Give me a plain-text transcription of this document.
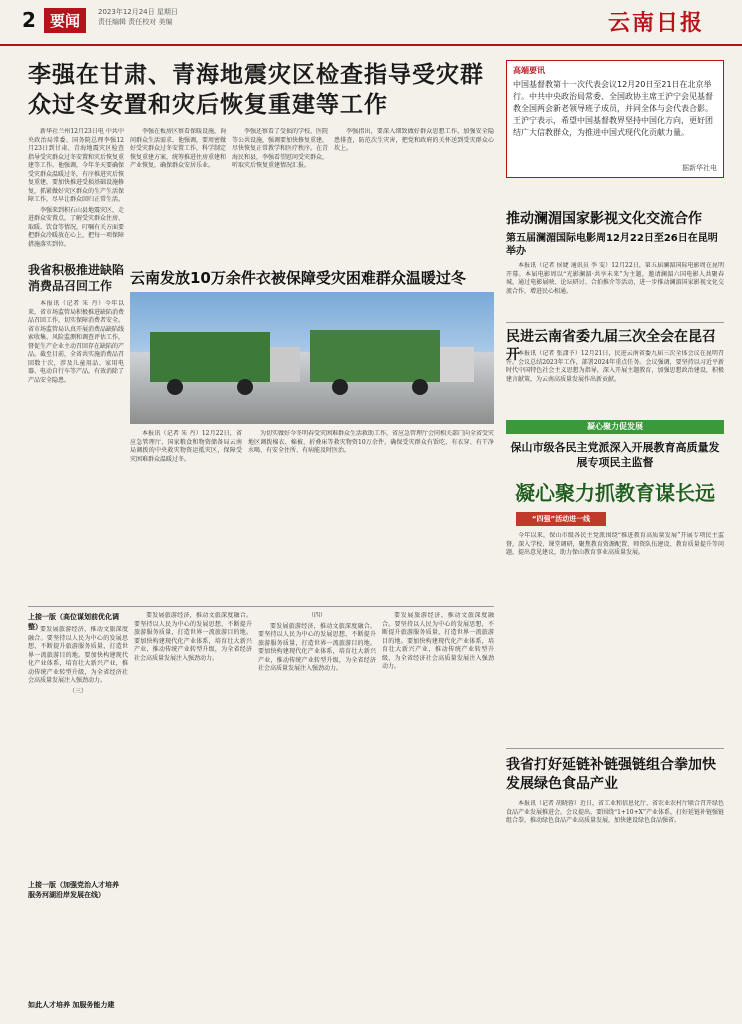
2 要闻	2023年12月24日 星期日
责任编辑 责任校对 美编	云南日报
李强在甘肃、青海地震灾区检查指导受灾群众过冬安置和灾后恢复重建等工作

新华社兰州12月23日电 中共中央政治局常委、国务院总理李强12月23日到甘肃、青海地震灾区检查指导受灾群众过冬安置和灾后恢复重建等工作。他强调，今年冬天要确保受灾群众温暖过冬，有序推进灾后恢复重建，要加快推进受损基础设施修复，抓紧做好灾区群众的生产生活保障工作，尽早让群众回归正常生活。

李强来到积石山县地震灾区，走进群众安置点，了解受灾群众住房、取暖、饮食等情况，叮嘱有关方面要把群众冷暖放在心上，把每一项保障措施落实到位。

李强在板房区察看保暖设施，询问群众生活需求。他强调，要周密做好受灾群众过冬安置工作，科学制定恢复重建方案，统筹推进住房重建和产业恢复，确保群众安居乐业。

李强还察看了受损的学校、医院等公共设施，强调要加快修复重建，尽快恢复正常教学和医疗秩序。在青海民和县，李强看望慰问受灾群众，听取灾后恢复重建情况汇报。

李强指出，要深入细致做好群众思想工作，加强安全隐患排查，防范次生灾害，把党和政府的关怀送到受灾群众心坎上。

高端要讯
中国基督教第十一次代表会议12月20日至21日在北京举行。中共中央政治局常委、全国政协主席王沪宁会见基督教全国两会新老领导班子成员，并同全体与会代表合影。王沪宁表示，希望中国基督教界坚持中国化方向，更好团结广大信教群众，为推进中国式现代化贡献力量。
据新华社电
推动澜湄国家影视文化交流合作
第五届澜湄国际电影周12月22日至26日在昆明举办

本报讯（记者 侯婕 通讯员 李 雯）12月22日，第五届澜湄国际电影周在昆明开幕。本届电影周以“光影澜湄·共享未来”为主题，邀请澜湄六国电影人共聚春城，通过电影展映、论坛研讨、合拍推介等活动，进一步推动澜湄国家影视文化交流合作，增进民心相通。

民进云南省委九届三次全会在昆召开

本报讯（记者 张潇予）12月21日，民进云南省委九届三次全体会议在昆明召开。会议总结2023年工作，部署2024年重点任务。会议强调，要坚持以习近平新时代中国特色社会主义思想为指导，深入开展主题教育，加强思想政治建设，积极建言献策，为云南高质量发展作出新贡献。

我省积极推进缺陷消费品召回工作

本报讯（记者 朱 丹）今年以来，省市场监管局积极推进缺陷消费品召回工作，切实保障消费者安全。省市场监管局认真开展消费品缺陷线索收集、风险监测和调查评估工作，督促生产企业主动召回存在缺陷的产品。截至目前，全省共实施消费品召回数十次，涉及儿童用品、家用电器、电动自行车等产品，有效消除了产品安全隐患。

云南发放10万余件衣被保障受灾困难群众温暖过冬

本报讯（记者 朱 丹）12月22日，省应急管理厅、国家粮食和物资储备局云南局调拨的中央救灾物资运抵灾区，保障受灾困难群众温暖过冬。

为切实做好今冬明春受灾困难群众生活救助工作，省应急管理厅会同相关部门向全省受灾地区调拨棉衣、棉被、折叠床等救灾物资10万余件，确保受灾群众有饭吃、有衣穿、有干净水喝、有安全住所、有病能及时医治。

凝心聚力促发展
保山市级各民主党派深入开展教育高质量发展专项民主监督
凝心聚力抓教育谋长远
“四强”活动进一线

今年以来，保山市级各民主党派围绕“推进教育高质量发展”开展专项民主监督，深入学校、课堂调研，聚焦教育资源配置、师资队伍建设、教育质量提升等问题，提出意见建议，助力保山教育事业高质量发展。

上接一版（高位谋划前优化调整）

要发展旅游经济，推动文旅深度融合。要坚持以人民为中心的发展思想，不断提升旅游服务质量，打造世界一流旅游目的地。要加快构建现代化产业体系，培育壮大新兴产业，推动传统产业转型升级，为全省经济社会高质量发展注入强劲动力。

（三）

要发展旅游经济，推动文旅深度融合。要坚持以人民为中心的发展思想，不断提升旅游服务质量，打造世界一流旅游目的地。要加快构建现代化产业体系，培育壮大新兴产业，推动传统产业转型升级，为全省经济社会高质量发展注入强劲动力。

（四）

要发展旅游经济，推动文旅深度融合。要坚持以人民为中心的发展思想，不断提升旅游服务质量，打造世界一流旅游目的地。要加快构建现代化产业体系，培育壮大新兴产业，推动传统产业转型升级，为全省经济社会高质量发展注入强劲动力。

要发展旅游经济，推动文旅深度融合。要坚持以人民为中心的发展思想，不断提升旅游服务质量，打造世界一流旅游目的地。要加快构建现代化产业体系，培育壮大新兴产业，推动传统产业转型升级，为全省经济社会高质量发展注入强劲动力。

上接一版（加强党治人才培养 服务河湖沿岸发展在线）
如此人才培养 加服务能力建
我省打好延链补链强链组合拳加快发展绿色食品产业

本报讯（记者 胡晓蓉）近日，省工业和信息化厅、省农业农村厅联合召开绿色食品产业发展推进会。会议提出，要围绕“1+10+X”产业体系，打好延链补链强链组合拳，推动绿色食品产业高质量发展，加快建设绿色食品强省。
